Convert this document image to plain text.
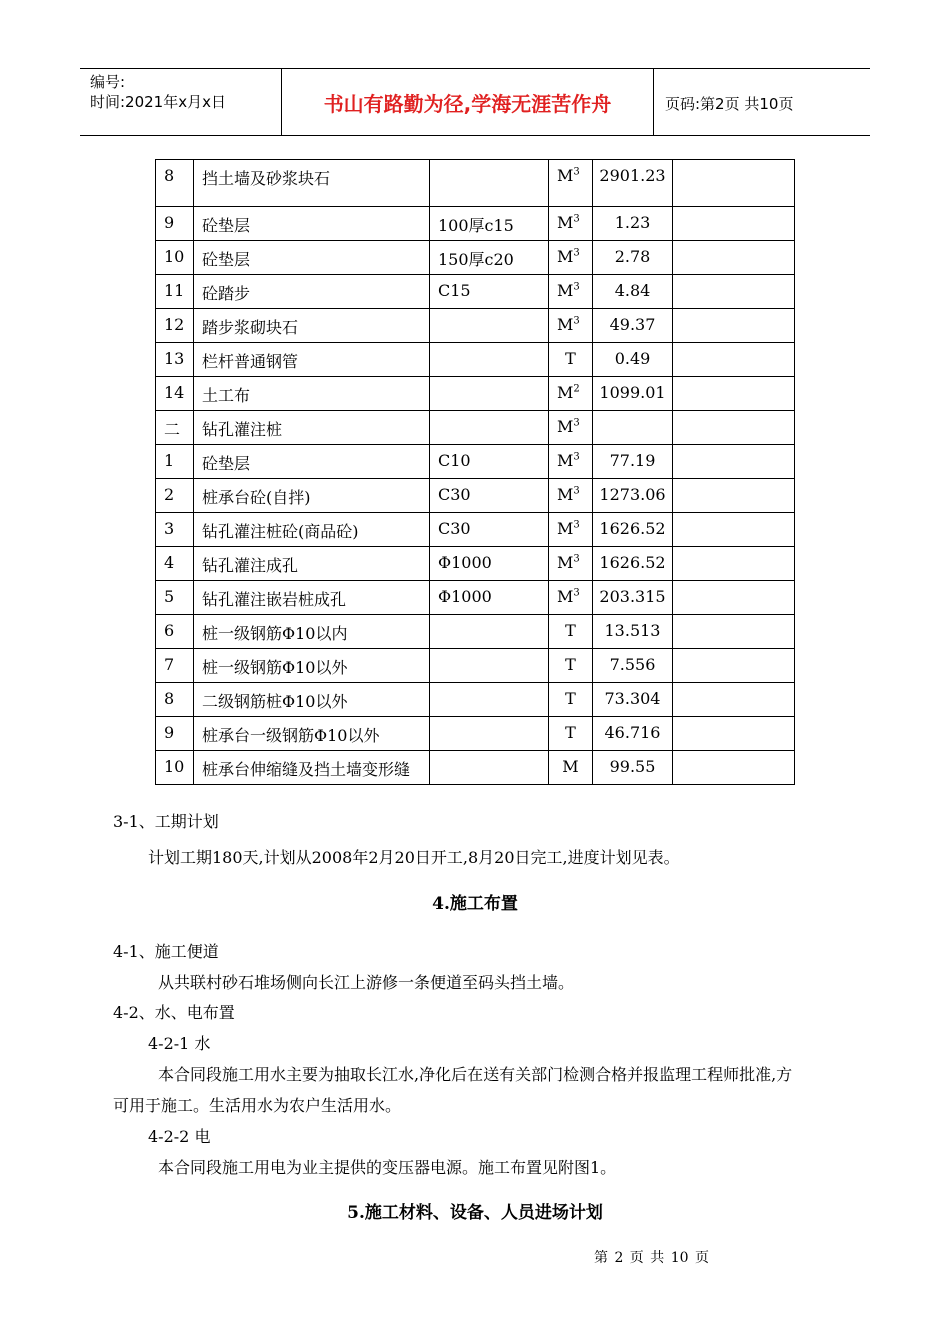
编号:
时间:2021年x月x日	书山有路勤为径,学海无涯苦作舟	页码:第2页 共10页
8	挡土墙及砂浆块石		$M^3$	2901.23	
9	砼垫层	100厚c15	$M^3$	1.23	
10	砼垫层	150厚c20	$M^3$	2.78	
11	砼踏步	C15	$M^3$	4.84	
12	踏步浆砌块石		$M^3$	49.37	
13	栏杆普通钢管		T	0.49	
14	土工布		$M^2$	1099.01	
二	钻孔灌注桩		$M^3$		
1	砼垫层	C10	$M^3$	77.19	
2	桩承台砼(自拌)	C30	$M^3$	1273.06	
3	钻孔灌注桩砼(商品砼)	C30	$M^3$	1626.52	
4	钻孔灌注成孔	Φ1000	$M^3$	1626.52	
5	钻孔灌注嵌岩桩成孔	Φ1000	$M^3$	203.315	
6	桩一级钢筋Φ10以内		T	13.513	
7	桩一级钢筋Φ10以外		T	7.556	
8	二级钢筋桩Φ10以外		T	73.304	
9	桩承台一级钢筋Φ10以外		T	46.716	
10	桩承台伸缩缝及挡土墙变形缝		M	99.55	
3-1、工期计划
计划工期180天,计划从2008年2月20日开工,8月20日完工,进度计划见表。
4.施工布置
4-1、施工便道
从共联村砂石堆场侧向长江上游修一条便道至码头挡土墙。
4-2、水、电布置
4-2-1 水
本合同段施工用水主要为抽取长江水,净化后在送有关部门检测合格并报监理工程师批准,方
可用于施工。生活用水为农户生活用水。
4-2-2 电
本合同段施工用电为业主提供的变压器电源。施工布置见附图1。
5.施工材料、设备、人员进场计划
第 2 页 共 10 页
